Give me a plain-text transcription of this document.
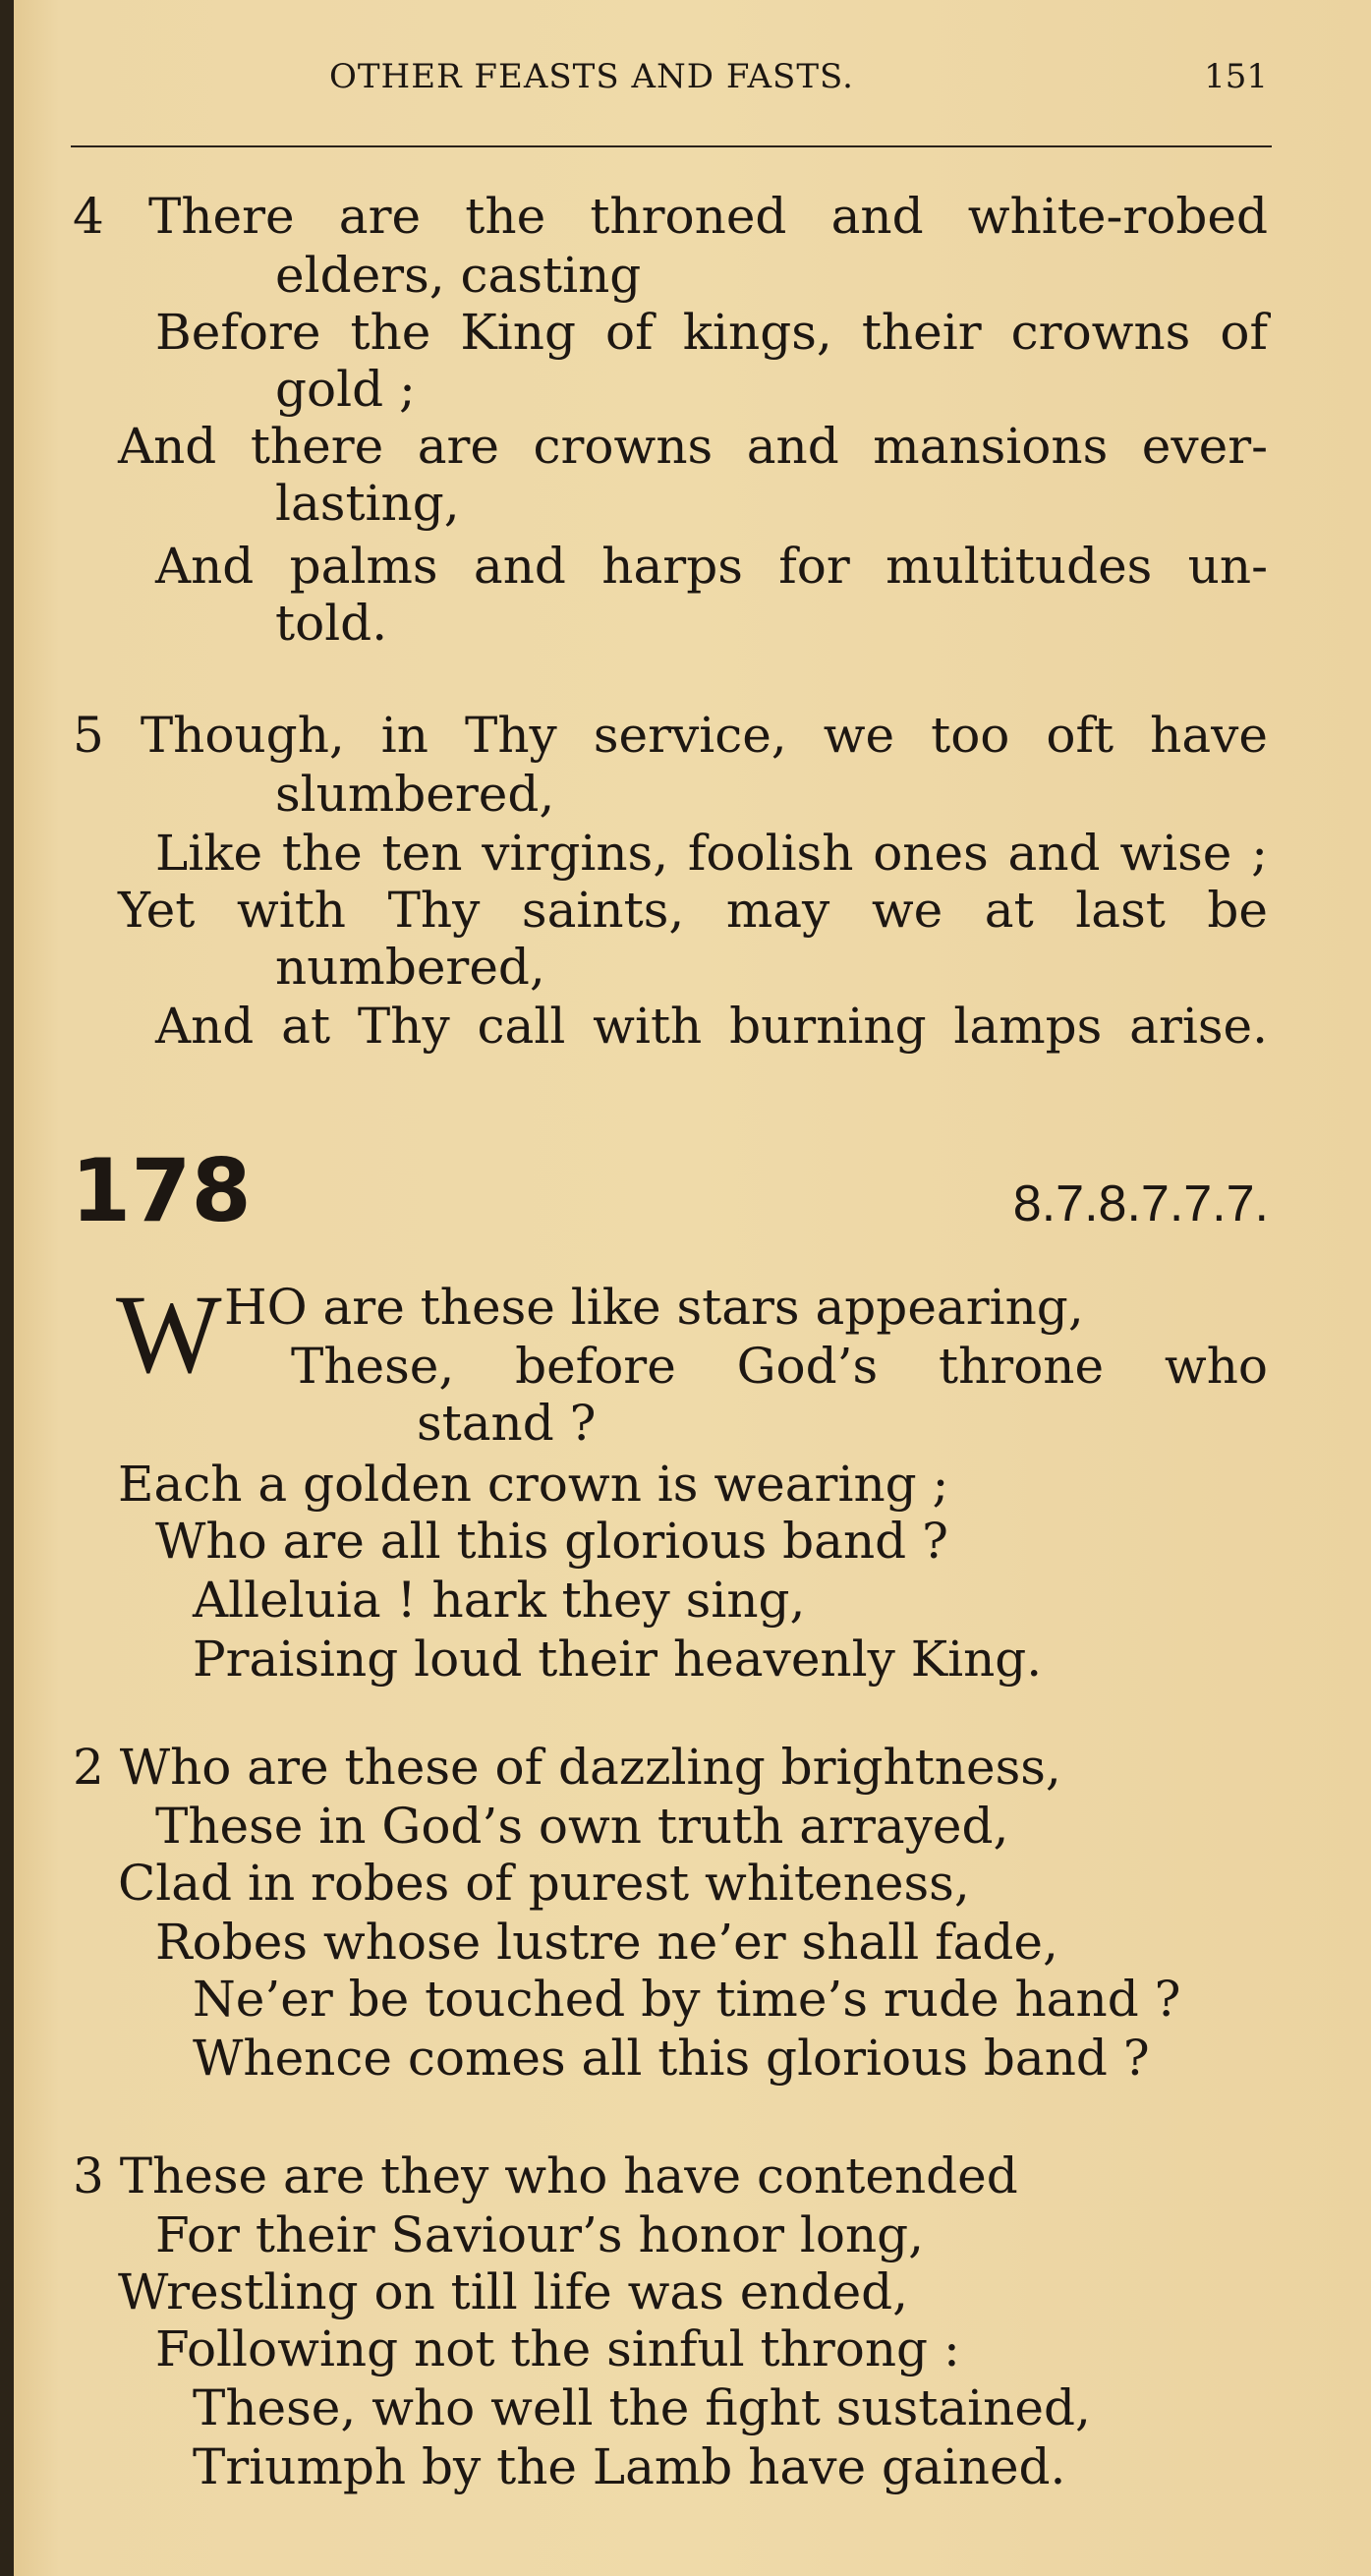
OTHER FEASTS AND FASTS.	151
4 There are the throned and white-robed
elders, casting
Before the King of kings, their crowns of
gold ;
And there are crowns and mansions ever-
lasting,
And palms and harps for multitudes un-
told.
5 Though, in Thy service, we too oft have
slumbered,
Like the ten virgins, foolish ones and wise ;
Yet with Thy saints, may we at last be
numbered,
And at Thy call with burning lamps arise.
178	8.7.8.7.7.7.
W HO are these like stars appearing,
These, before God’s throne who
stand ?
Each a golden crown is wearing ;
Who are all this glorious band ?
Alleluia ! hark they sing,
Praising loud their heavenly King.
2 Who are these of dazzling brightness,
These in God’s own truth arrayed,
Clad in robes of purest whiteness,
Robes whose lustre ne’er shall fade,
Ne’er be touched by time’s rude hand ?
Whence comes all this glorious band ?
3 These are they who have contended
For their Saviour’s honor long,
Wrestling on till life was ended,
Following not the sinful throng :
These, who well the fight sustained,
Triumph by the Lamb have gained.
